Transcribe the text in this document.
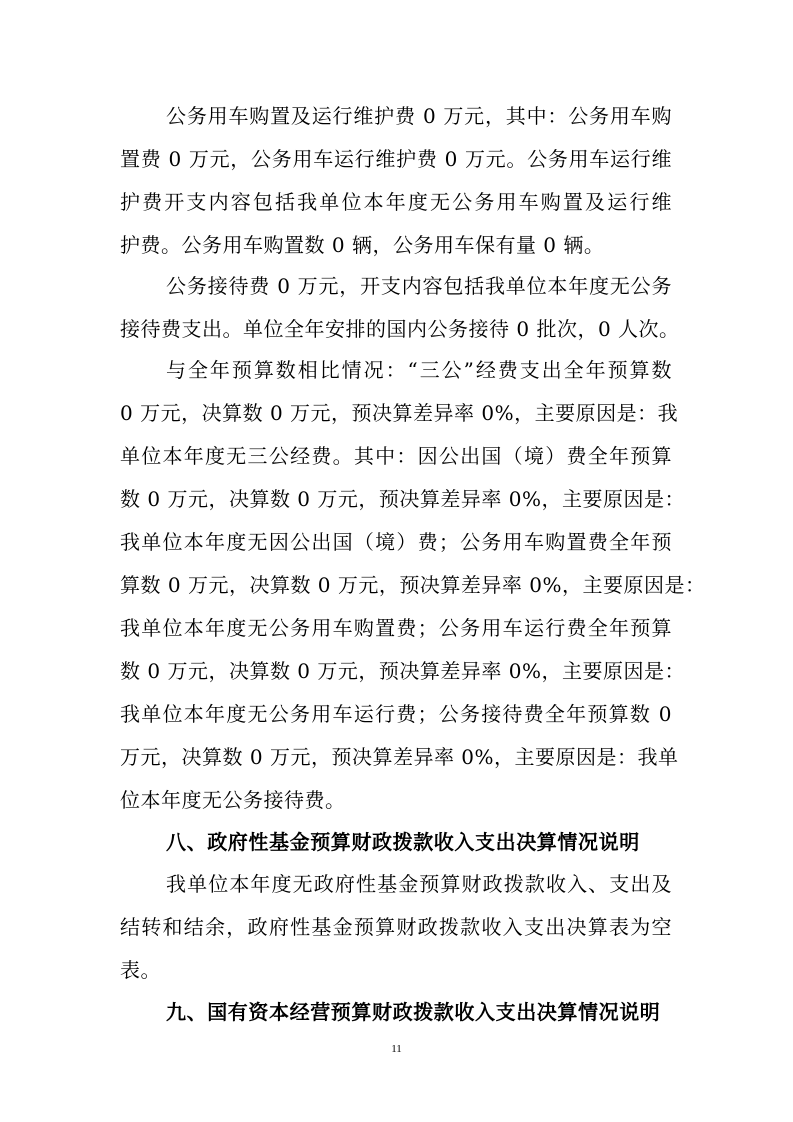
公务用车购置及运行维护费 0 万元，其中：公务用车购
置费 0 万元，公务用车运行维护费 0 万元。公务用车运行维
护费开支内容包括我单位本年度无公务用车购置及运行维
护费。公务用车购置数 0 辆，公务用车保有量 0 辆。
公务接待费 0 万元，开支内容包括我单位本年度无公务
接待费支出。单位全年安排的国内公务接待 0 批次，0 人次。
与全年预算数相比情况：“三公”经费支出全年预算数
0 万元，决算数 0 万元，预决算差异率 0%，主要原因是：我
单位本年度无三公经费。其中：因公出国（境）费全年预算
数 0 万元，决算数 0 万元，预决算差异率 0%，主要原因是：
我单位本年度无因公出国（境）费；公务用车购置费全年预
算数 0 万元，决算数 0 万元，预决算差异率 0%，主要原因是：
我单位本年度无公务用车购置费；公务用车运行费全年预算
数 0 万元，决算数 0 万元，预决算差异率 0%，主要原因是：
我单位本年度无公务用车运行费；公务接待费全年预算数 0
万元，决算数 0 万元，预决算差异率 0%，主要原因是：我单
位本年度无公务接待费。
八、政府性基金预算财政拨款收入支出决算情况说明
我单位本年度无政府性基金预算财政拨款收入、支出及
结转和结余，政府性基金预算财政拨款收入支出决算表为空
表。
九、国有资本经营预算财政拨款收入支出决算情况说明
11
